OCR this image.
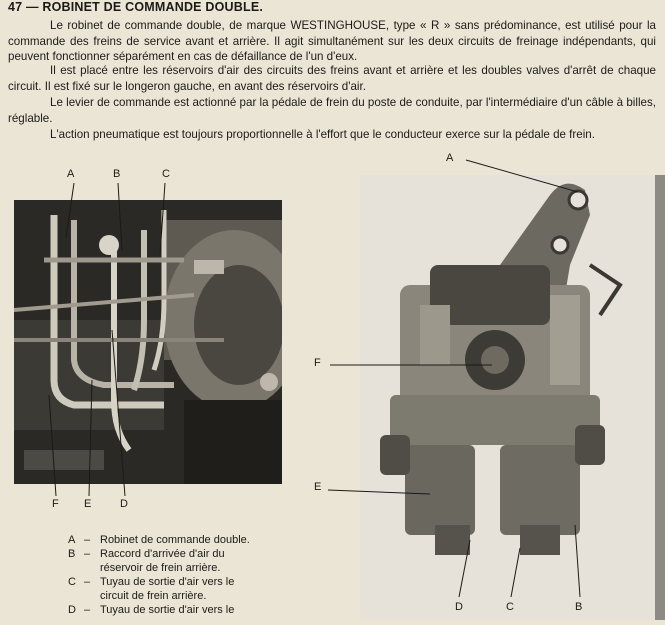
47 — ROBINET DE COMMANDE DOUBLE.

Le robinet de commande double, de marque WESTINGHOUSE, type « R » sans prédominance, est utilisé pour la commande des freins de service avant et arrière. Il agit simultanément sur les deux circuits de freinage indépendants, qui peuvent fonctionner séparément en cas de défaillance de l'un d'eux.

Il est placé entre les réservoirs d'air des circuits des freins avant et arrière et les doubles valves d'arrêt de chaque circuit. Il est fixé sur le longeron gauche, en avant des réservoirs d'air.

Le levier de commande est actionné par la pédale de frein du poste de conduite, par l'intermédiaire d'un câble à billes, réglable.

L'action pneumatique est toujours proportionnelle à l'effort que le conducteur exerce sur la pédale de frein.

A	B	C
F E	D
A
F
E
D	C	B
A – Robinet de commande double.
B – Raccord d'arrivée d'air du
réservoir de frein arrière.
C – Tuyau de sortie d'air vers le
circuit de frein arrière.
D – Tuyau de sortie d'air vers le
